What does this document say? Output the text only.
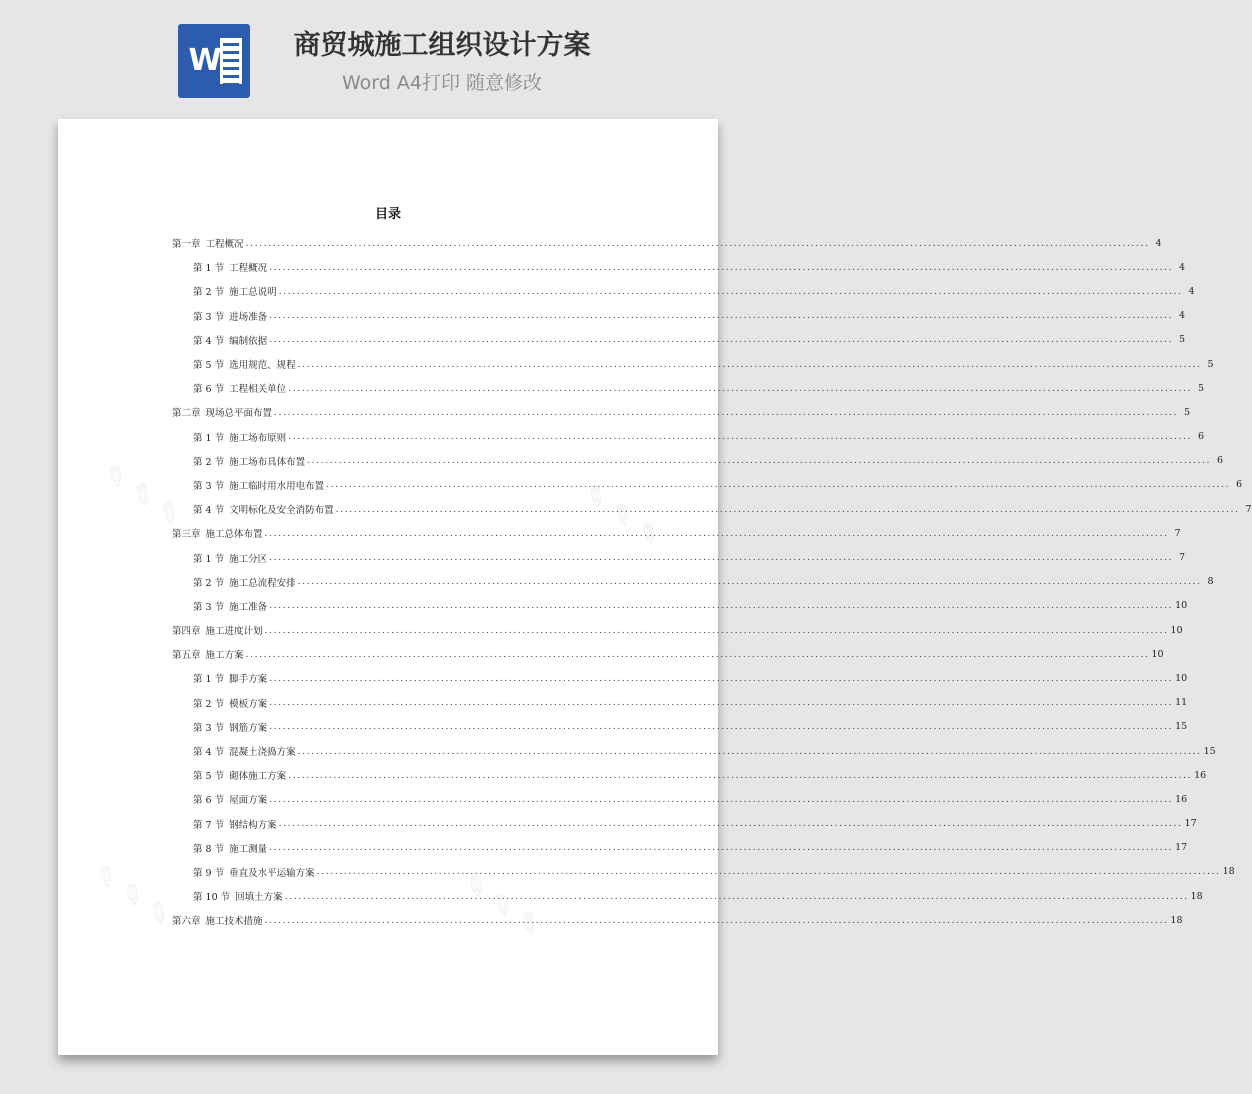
W	商贸城施工组织设计方案
Word A4打印 随意修改
✎ ✎ ✎	✎ ✎ ✎
✎ ✎ ✎	✎ ✎ ✎
目录
第一章 工程概况 ........................................................................................................................................................................................................ 4
第 1 节 工程概况 ........................................................................................................................................................................................................ 4
第 2 节 施工总说明 ........................................................................................................................................................................................................ 4
第 3 节 进场准备 ........................................................................................................................................................................................................ 4
第 4 节 编制依据 ........................................................................................................................................................................................................ 5
第 5 节 选用规范、规程 ........................................................................................................................................................................................................ 5
第 6 节 工程相关单位 ........................................................................................................................................................................................................ 5
第二章 现场总平面布置 ........................................................................................................................................................................................................ 5
第 1 节 施工场布原则 ........................................................................................................................................................................................................ 6
第 2 节 施工场布具体布置 ........................................................................................................................................................................................................ 6
第 3 节 施工临时用水用电布置 ........................................................................................................................................................................................................ 6
第 4 节 文明标化及安全消防布置 ........................................................................................................................................................................................................ 7
第三章 施工总体布置 ........................................................................................................................................................................................................ 7
第 1 节 施工分区 ........................................................................................................................................................................................................ 7
第 2 节 施工总流程安排 ........................................................................................................................................................................................................ 8
第 3 节 施工准备 ........................................................................................................................................................................................................ 10
第四章 施工进度计划 ........................................................................................................................................................................................................ 10
第五章 施工方案 ........................................................................................................................................................................................................ 10
第 1 节 脚手方案 ........................................................................................................................................................................................................ 10
第 2 节 模板方案 ........................................................................................................................................................................................................ 11
第 3 节 钢筋方案 ........................................................................................................................................................................................................ 15
第 4 节 混凝土浇捣方案 ........................................................................................................................................................................................................ 15
第 5 节 砌体施工方案 ........................................................................................................................................................................................................ 16
第 6 节 屋面方案 ........................................................................................................................................................................................................ 16
第 7 节 钢结构方案 ........................................................................................................................................................................................................ 17
第 8 节 施工测量 ........................................................................................................................................................................................................ 17
第 9 节 垂直及水平运输方案 ........................................................................................................................................................................................................ 18
第 10 节 回填土方案 ........................................................................................................................................................................................................ 18
第六章 施工技术措施 ........................................................................................................................................................................................................ 18
